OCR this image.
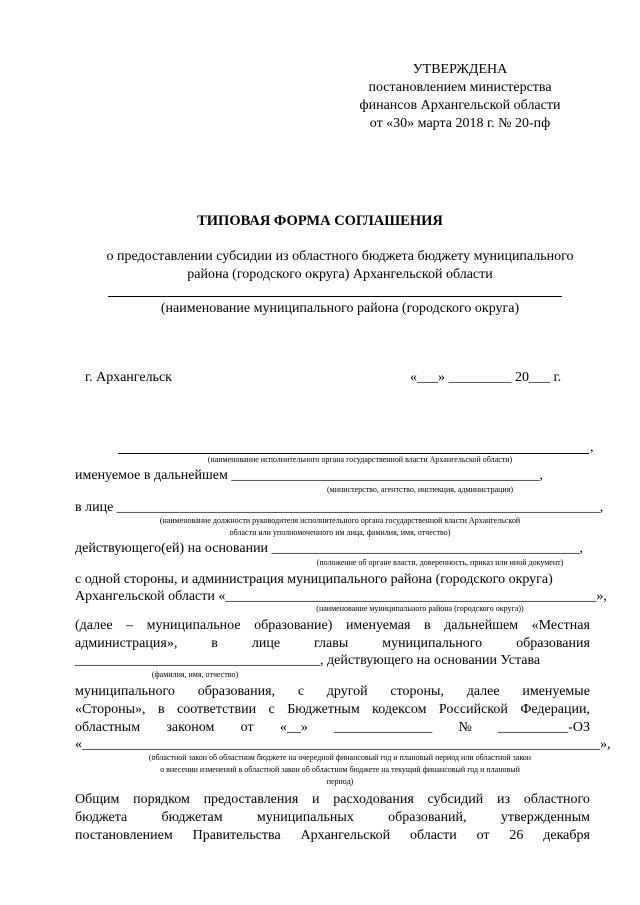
УТВЕРЖДЕНА
постановлением министерства
финансов Архангельской области
от «30» марта 2018 г. № 20-пф
ТИПОВАЯ ФОРМА СОГЛАШЕНИЯ
о предоставлении субсидии из областного бюджета бюджету муниципального
района (городского округа) Архангельской области
(наименование муниципального района (городского округа)
г. Архангельск	«___» _________ 20___ г.
,
(наименование исполнительного органа государственной власти Архангельской области)
именуемое в дальнейшем ____________________________________________,
(министерство, агентство, инспекция, администрация)
в лице _____________________________________________________________________,
(наименование должности руководителя исполнительного органа государственной власти Архангельской
области или уполномоченного им лица, фамилия, имя, отчество)
действующего(ей) на основании ____________________________________________,
(положение об органе власти, доверенность, приказ или иной документ)
с одной стороны, и администрация муниципального района (городского округа)
Архангельской области «_____________________________________________________»,
(наименование муниципального района (городского округа))
(далее – муниципальное образование) именуемая в дальнейшем «Местная
администрация», в лице главы муниципального образования
___________________________________, действующего на основании Устава
(фамилия, имя, отчество)
муниципального образования, с другой стороны, далее именуемые
«Стороны», в соответствии с Бюджетным кодексом Российской Федерации,
областным законом от «__» ______________ № __________-ОЗ
«__________________________________________________________________________»,
(областной закон об областном бюджете на очередной финансовый год и плановый период или областной закон
о внесении изменений в областной закон об областном бюджете на текущий финансовый год и плановый
период)
Общим порядком предоставления и расходования субсидий из областного
бюджета бюджетам муниципальных образований, утвержденным
постановлением Правительства Архангельской области от 26 декабря
